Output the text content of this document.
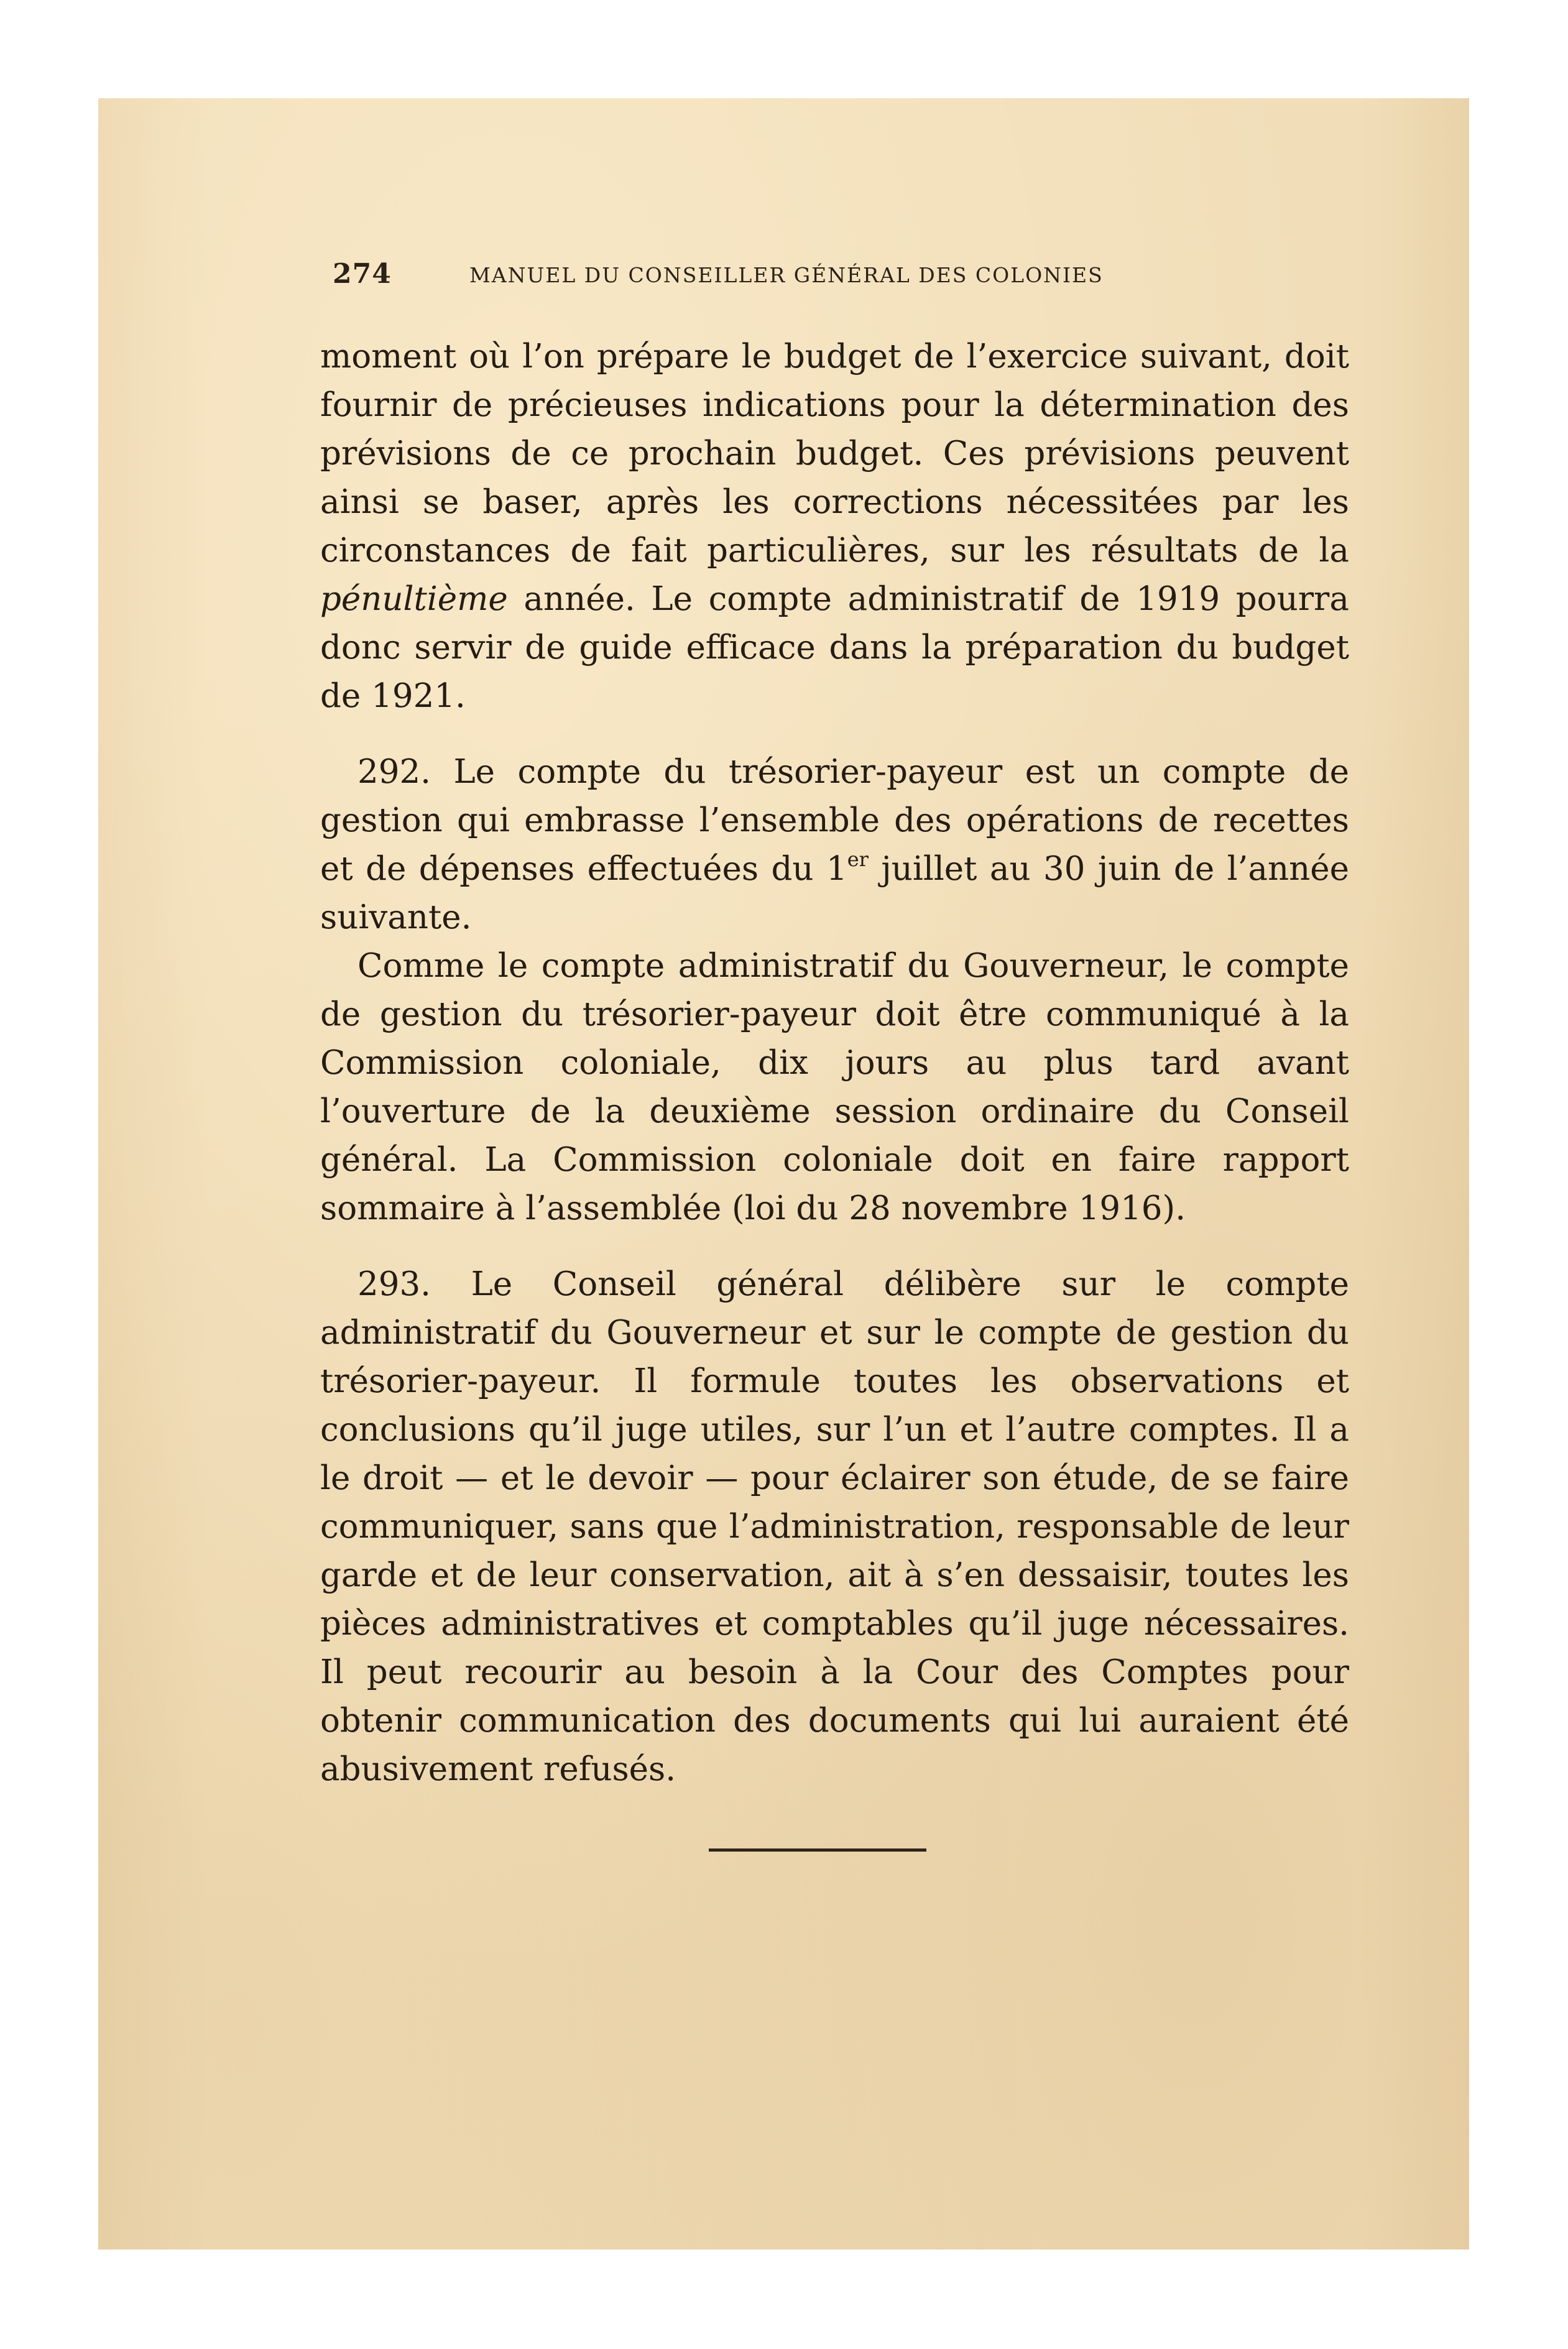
274	MANUEL DU CONSEILLER GÉNÉRAL DES COLONIES

moment où l’on prépare le budget de l’exercice suivant, doit fournir de précieuses indications pour la détermination des prévisions de ce prochain budget. Ces prévisions peuvent ainsi se baser, après les corrections nécessitées par les circonstances de fait particulières, sur les résultats de la pénultième année. Le compte administratif de 1919 pourra donc servir de guide efficace dans la préparation du budget de 1921.

292. Le compte du trésorier-payeur est un compte de gestion qui embrasse l’ensemble des opérations de recettes et de dépenses effectuées du 1er juillet au 30 juin de l’année suivante.

Comme le compte administratif du Gouverneur, le compte de gestion du trésorier-payeur doit être communiqué à la Commission coloniale, dix jours au plus tard avant l’ouverture de la deuxième session ordinaire du Conseil général. La Commission coloniale doit en faire rapport sommaire à l’assemblée (loi du 28 novembre 1916).

293. Le Conseil général délibère sur le compte administratif du Gouverneur et sur le compte de gestion du trésorier-payeur. Il formule toutes les observations et conclusions qu’il juge utiles, sur l’un et l’autre comptes. Il a le droit — et le devoir — pour éclairer son étude, de se faire communiquer, sans que l’administration, responsable de leur garde et de leur conservation, ait à s’en dessaisir, toutes les pièces administratives et comptables qu’il juge nécessaires. Il peut recourir au besoin à la Cour des Comptes pour obtenir communication des documents qui lui auraient été abusivement refusés.
